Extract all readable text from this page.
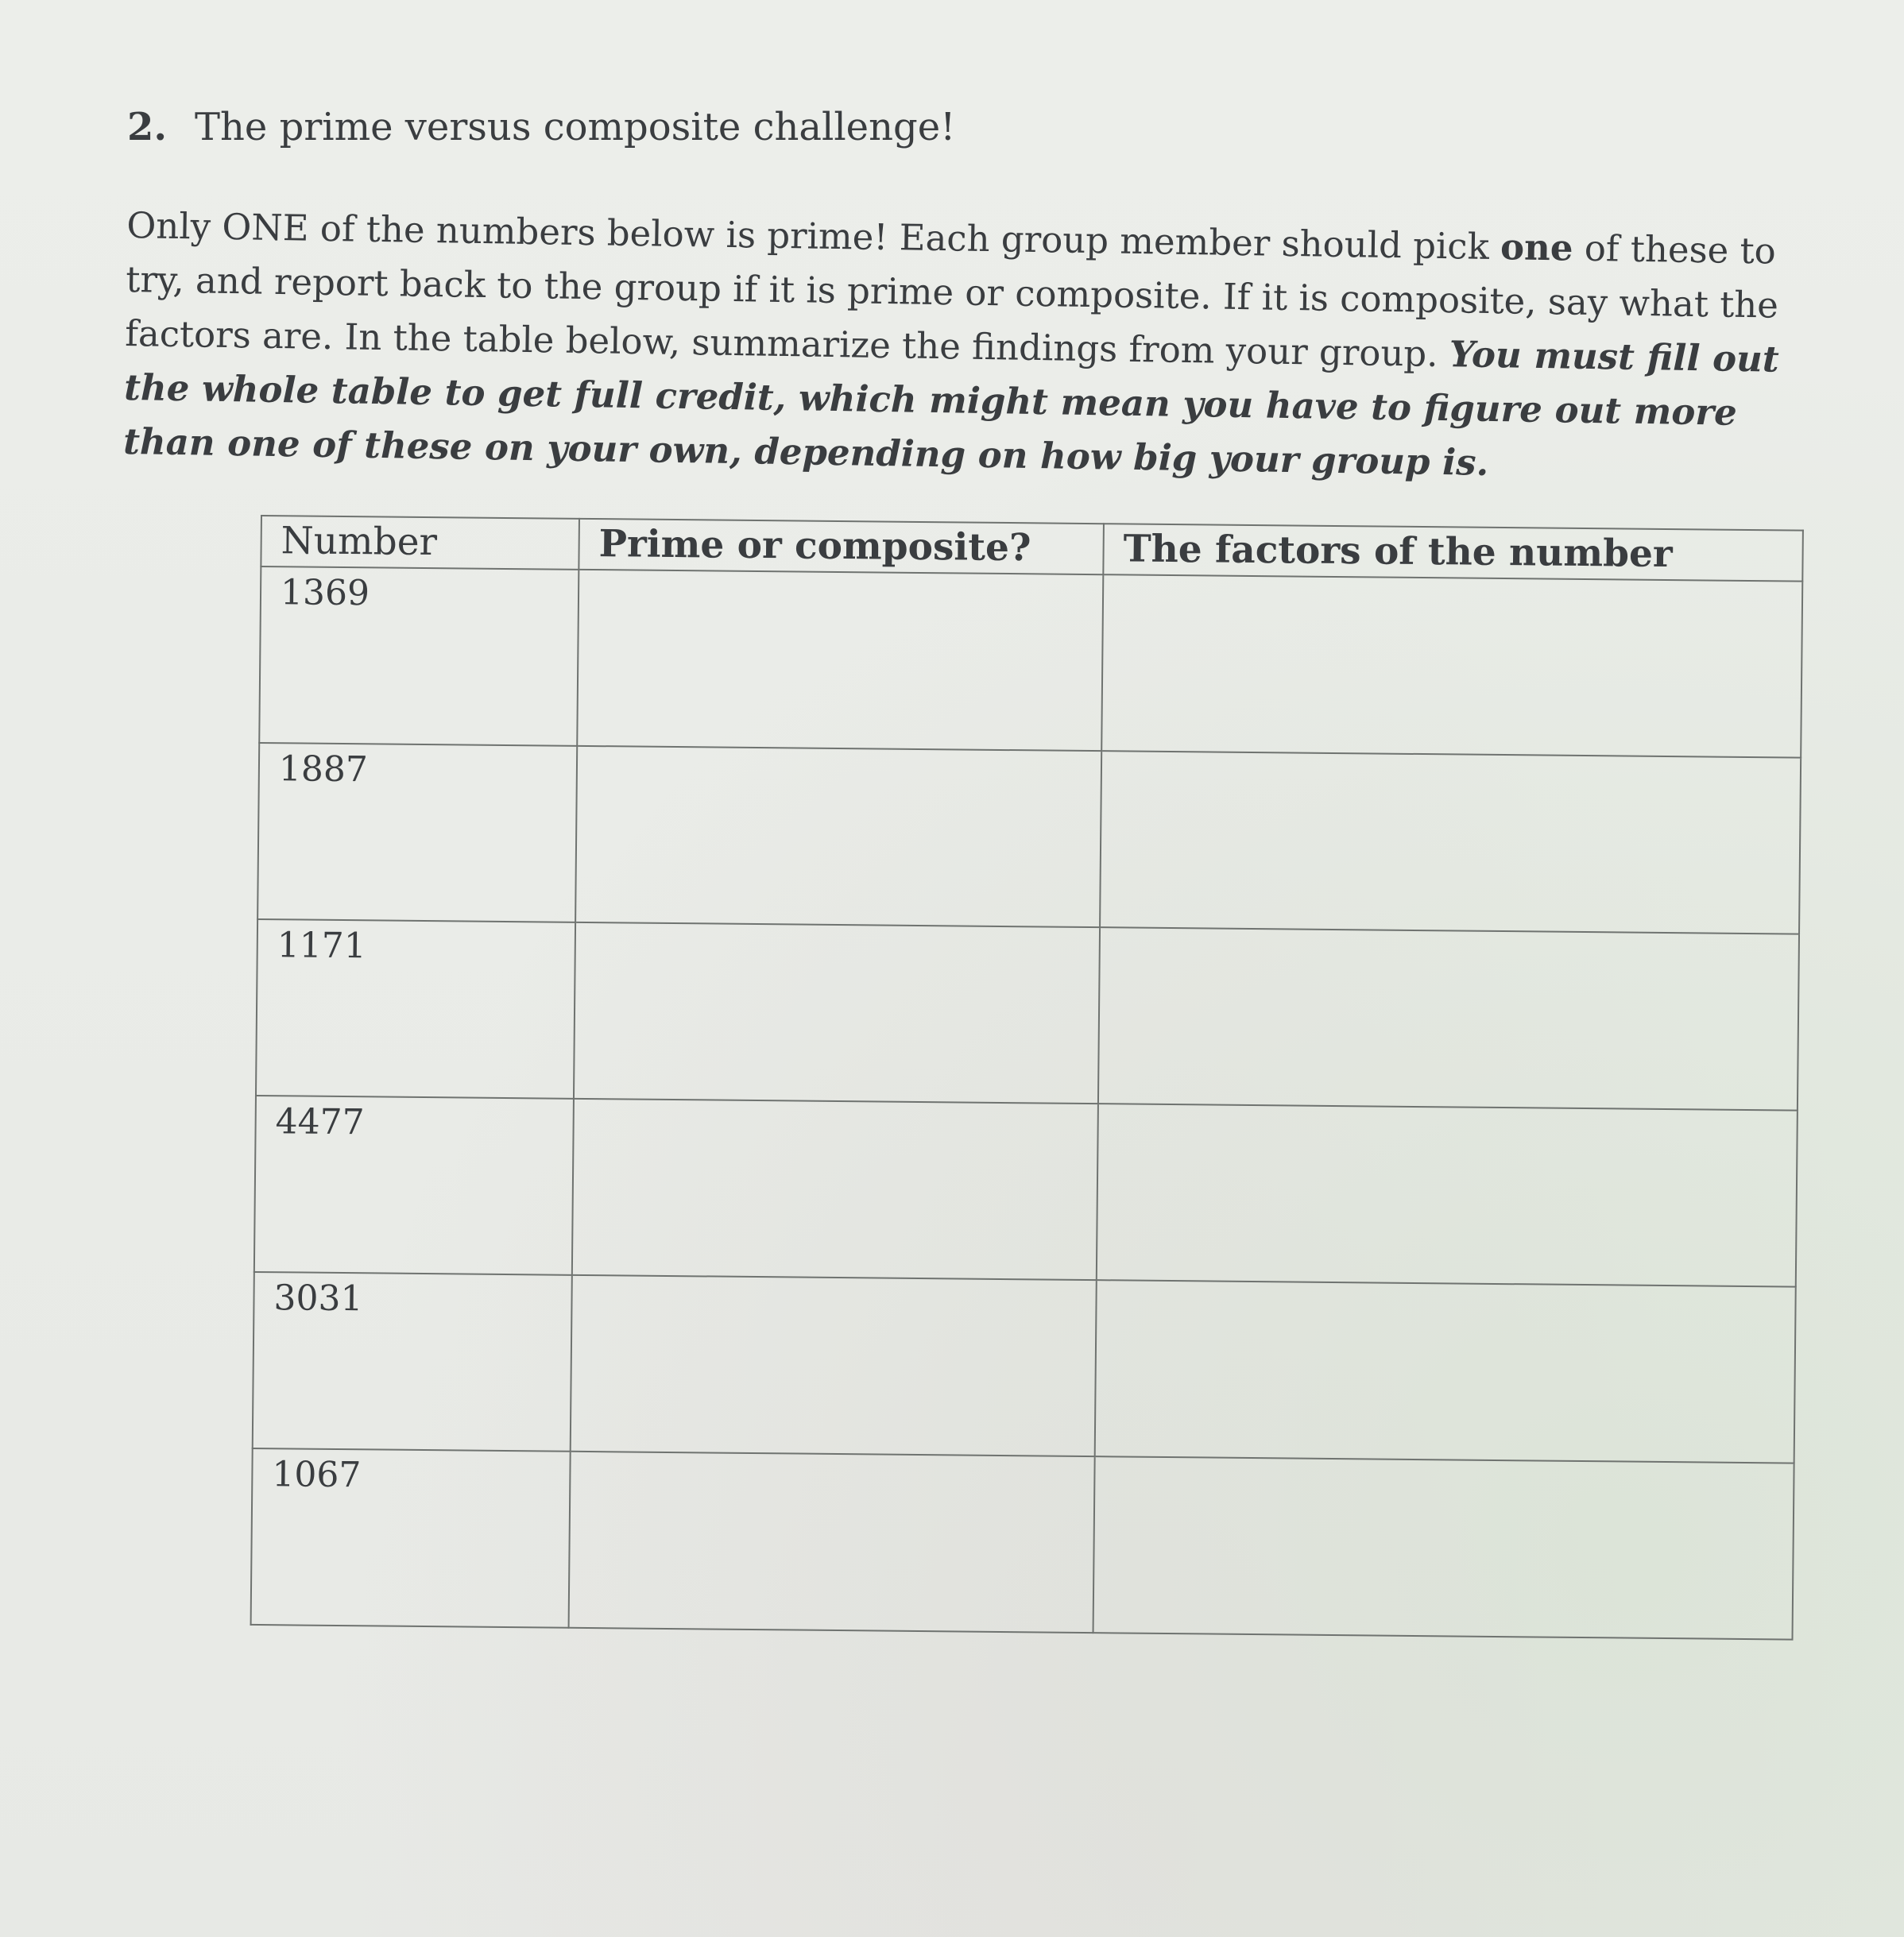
2. The prime versus composite challenge!
Only ONE of the numbers below is prime! Each group member should pick one of these to try, and report back to the group if it is prime or composite. If it is composite, say what the factors are. In the table below, summarize the findings from your group. You must fill out the whole table to get full credit, which might mean you have to figure out more than one of these on your own, depending on how big your group is.
Number	Prime or composite?	The factors of the number
1369		
1887		
1171		
4477		
3031		
1067		
